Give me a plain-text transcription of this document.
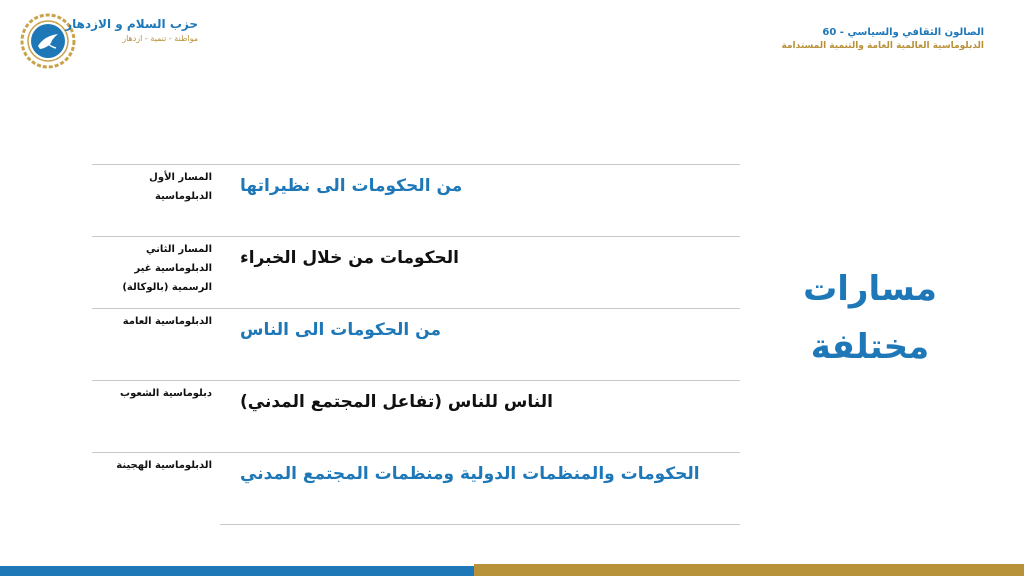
حزب السلام و الازدهار
مواطنة - تنمية - ازدهار
الصالون الثقافي والسياسي - 60
الدبلوماسية العالمية العامة والتنمية المستدامة
المسار الأول الدبلوماسية
من الحكومات الى نظيراتها
المسار الثاني الدبلوماسية غير الرسمية (بالوكالة)
الحكومات من خلال الخبراء
الدبلوماسية العامة من الحكومات الى الناس
دبلوماسية الشعوب الناس للناس (تفاعل المجتمع المدني)
الدبلوماسية الهجينة الحكومات والمنظمات الدولية ومنظمات المجتمع المدني
مسارات
مختلفة
